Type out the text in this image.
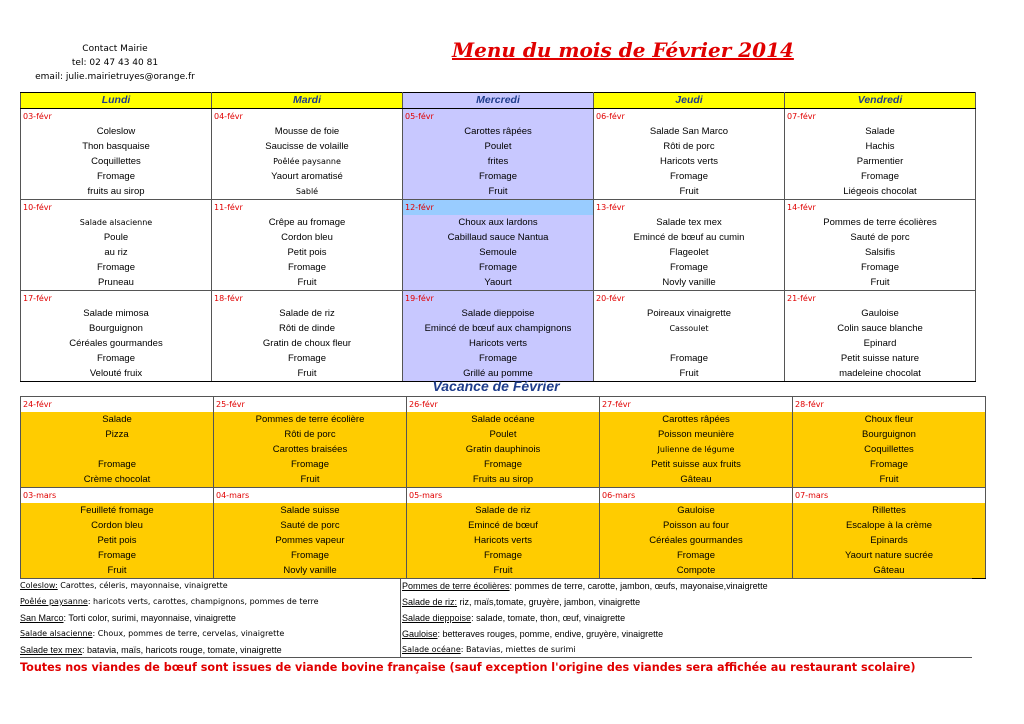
Contact Mairie
tel: 02 47 43 40 81
email: julie.mairietruyes@orange.fr
Menu du mois de Février 2014
Lundi	Mardi	Mercredi	Jeudi	Vendredi
03-févr	04-févr	05-févr	06-févr	07-févr
Coleslow	Mousse de foie	Carottes râpées	Salade San Marco	Salade
Thon basquaise	Saucisse de volaille	Poulet	Rôti de porc	Hachis
Coquillettes	Poêlée paysanne	frites	Haricots verts	Parmentier
Fromage	Yaourt aromatisé	Fromage	Fromage	Fromage
fruits au sirop	Sablé	Fruit	Fruit	Liégeois chocolat
10-févr	11-févr	12-févr	13-févr	14-févr
Salade alsacienne	Crêpe au fromage	Choux aux lardons	Salade tex mex	Pommes de terre écolières
Poule	Cordon bleu	Cabillaud sauce Nantua	Emincé de bœuf au cumin	Sauté de porc
au riz	Petit pois	Semoule	Flageolet	Salsifis
Fromage	Fromage	Fromage	Fromage	Fromage
Pruneau	Fruit	Yaourt	Novly vanille	Fruit
17-févr	18-févr	19-févr	20-févr	21-févr
Salade mimosa	Salade de riz	Salade dieppoise	Poireaux vinaigrette	Gauloise
Bourguignon	Rôti de dinde	Emincé de bœuf aux champignons	Cassoulet	Colin sauce blanche
Céréales gourmandes	Gratin de choux fleur	Haricots verts		Epinard
Fromage	Fromage	Fromage	Fromage	Petit suisse nature
Velouté fruix	Fruit	Grillé au pomme	Fruit	madeleine chocolat
Vacance de Février
24-févr	25-févr	26-févr	27-févr	28-févr
Salade	Pommes de terre écolière	Salade océane	Carottes râpées	Choux fleur
Pizza	Rôti de porc	Poulet	Poisson meunière	Bourguignon
	Carottes braisées	Gratin dauphinois	Julienne de légume	Coquillettes
Fromage	Fromage	Fromage	Petit suisse aux fruits	Fromage
Crème chocolat	Fruit	Fruits au sirop	Gâteau	Fruit
03-mars	04-mars	05-mars	06-mars	07-mars
Feuilleté fromage	Salade suisse	Salade de riz	Gauloise	Rillettes
Cordon bleu	Sauté de porc	Emincé de bœuf	Poisson au four	Escalope à la crème
Petit pois	Pommes vapeur	Haricots verts	Céréales gourmandes	Epinards
Fromage	Fromage	Fromage	Fromage	Yaourt nature sucrée
Fruit	Novly vanille	Fruit	Compote	Gâteau
Coleslow: Carottes, céleris, mayonnaise, vinaigrette
Poêlée paysanne: haricots verts, carottes, champignons, pommes de terre
San Marco: Torti color, surimi, mayonnaise, vinaigrette
Salade alsacienne: Choux, pommes de terre, cervelas, vinaigrette
Salade tex mex: batavia, maïs, haricots rouge, tomate, vinaigrette
Pommes de terre écolières: pommes de terre, carotte, jambon, œufs, mayonaise,vinaigrette
Salade de riz: riz, maïs,tomate, gruyère, jambon, vinaigrette
Salade dieppoise: salade, tomate, thon, œuf, vinaigrette
Gauloise: betteraves rouges, pomme, endive, gruyère, vinaigrette
Salade océane: Batavias, miettes de surimi
Toutes nos viandes de bœuf sont issues de viande bovine française (sauf exception l'origine des viandes sera affichée au restaurant scolaire)
